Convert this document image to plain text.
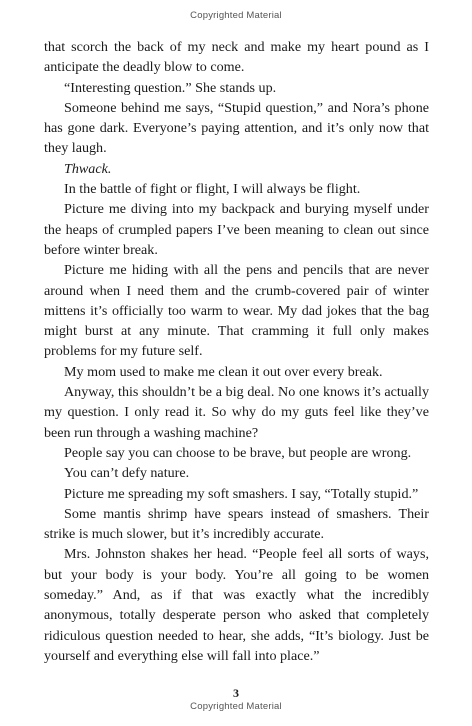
Copyrighted Material

that scorch the back of my neck and make my heart pound as I anticipate the deadly blow to come.

“Interesting question.” She stands up.

Someone behind me says, “Stupid question,” and Nora’s phone has gone dark. Everyone’s paying attention, and it’s only now that they laugh.

Thwack.

In the battle of fight or flight, I will always be flight.

Picture me diving into my backpack and burying myself under the heaps of crumpled papers I’ve been meaning to clean out since before winter break.

Picture me hiding with all the pens and pencils that are never around when I need them and the crumb-covered pair of winter mittens it’s officially too warm to wear. My dad jokes that the bag might burst at any minute. That cramming it full only makes problems for my future self.

My mom used to make me clean it out over every break.

Anyway, this shouldn’t be a big deal. No one knows it’s actually my question. I only read it. So why do my guts feel like they’ve been run through a washing machine?

People say you can choose to be brave, but people are wrong.

You can’t defy nature.

Picture me spreading my soft smashers. I say, “Totally stupid.”

Some mantis shrimp have spears instead of smashers. Their strike is much slower, but it’s incredibly accurate.

Mrs. Johnston shakes her head. “People feel all sorts of ways, but your body is your body. You’re all going to be women someday.” And, as if that was exactly what the incredibly anonymous, totally desperate person who asked that completely ridiculous question needed to hear, she adds, “It’s biology. Just be yourself and everything else will fall into place.”

3
Copyrighted Material
